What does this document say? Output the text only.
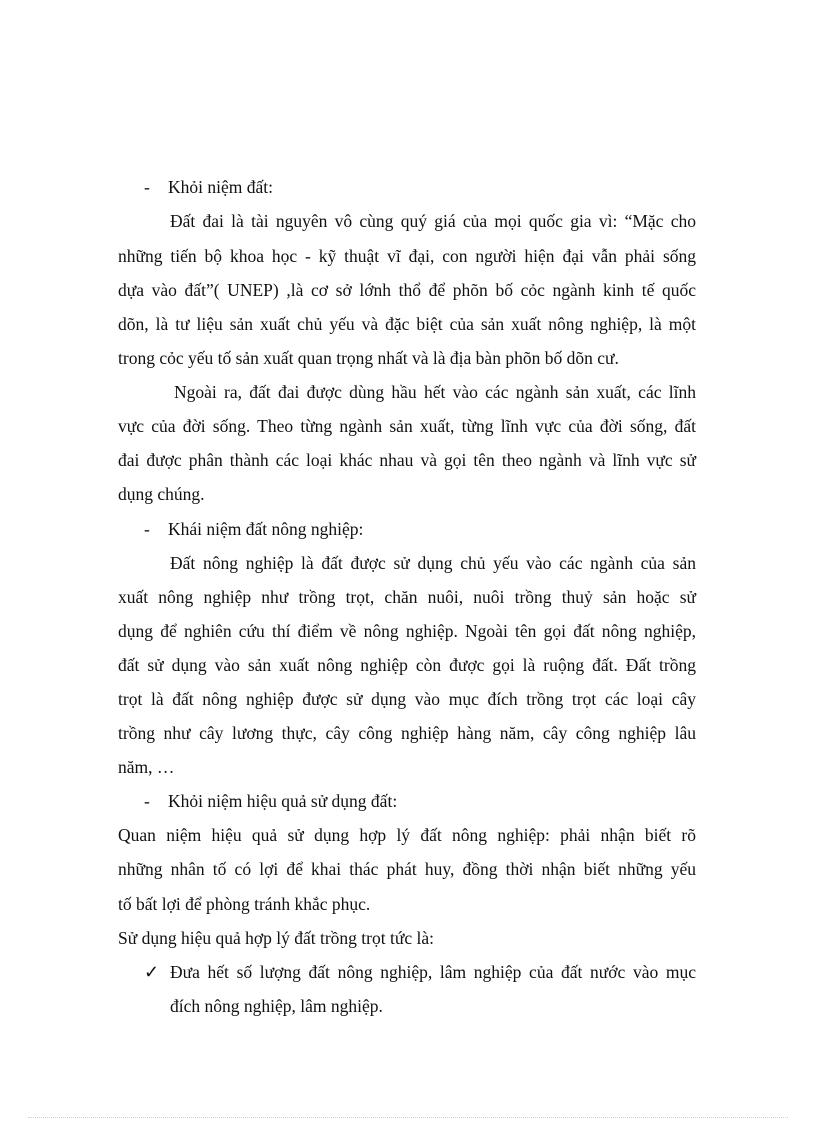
- Khỏi niệm đất:
Đất đai là tài nguyên vô cùng quý giá của mọi quốc gia vì: “Mặc cho
những tiến bộ khoa học - kỹ thuật vĩ đại, con người hiện đại vẫn phải sống
dựa vào đất”( UNEP) ,là cơ sở lớnh thổ để phõn bố cỏc ngành kinh tế quốc
dõn, là tư liệu sản xuất chủ yếu và đặc biệt của sản xuất nông nghiệp, là một
trong cỏc yếu tố sản xuất quan trọng nhất và là địa bàn phõn bố dõn cư.
Ngoài ra, đất đai được dùng hầu hết vào các ngành sản xuất, các lĩnh
vực của đời sống. Theo từng ngành sản xuất, từng lĩnh vực của đời sống, đất
đai được phân thành các loại khác nhau và gọi tên theo ngành và lĩnh vực sử
dụng chúng.
- Khái niệm đất nông nghiệp:
Đất nông nghiệp là đất được sử dụng chủ yếu vào các ngành của sản
xuất nông nghiệp như trồng trọt, chăn nuôi, nuôi trồng thuỷ sản hoặc sử
dụng để nghiên cứu thí điểm về nông nghiệp. Ngoài tên gọi đất nông nghiệp,
đất sử dụng vào sản xuất nông nghiệp còn được gọi là ruộng đất. Đất trồng
trọt là đất nông nghiệp được sử dụng vào mục đích trồng trọt các loại cây
trồng như cây lương thực, cây công nghiệp hàng năm, cây công nghiệp lâu
năm, …
- Khỏi niệm hiệu quả sử dụng đất:
Quan niệm hiệu quả sử dụng hợp lý đất nông nghiệp: phải nhận biết rõ
những nhân tố có lợi để khai thác phát huy, đồng thời nhận biết những yếu
tố bất lợi để phòng tránh khắc phục.
Sử dụng hiệu quả hợp lý đất trồng trọt tức là:
✓ Đưa hết số lượng đất nông nghiệp, lâm nghiệp của đất nước vào mục
đích nông nghiệp, lâm nghiệp.
